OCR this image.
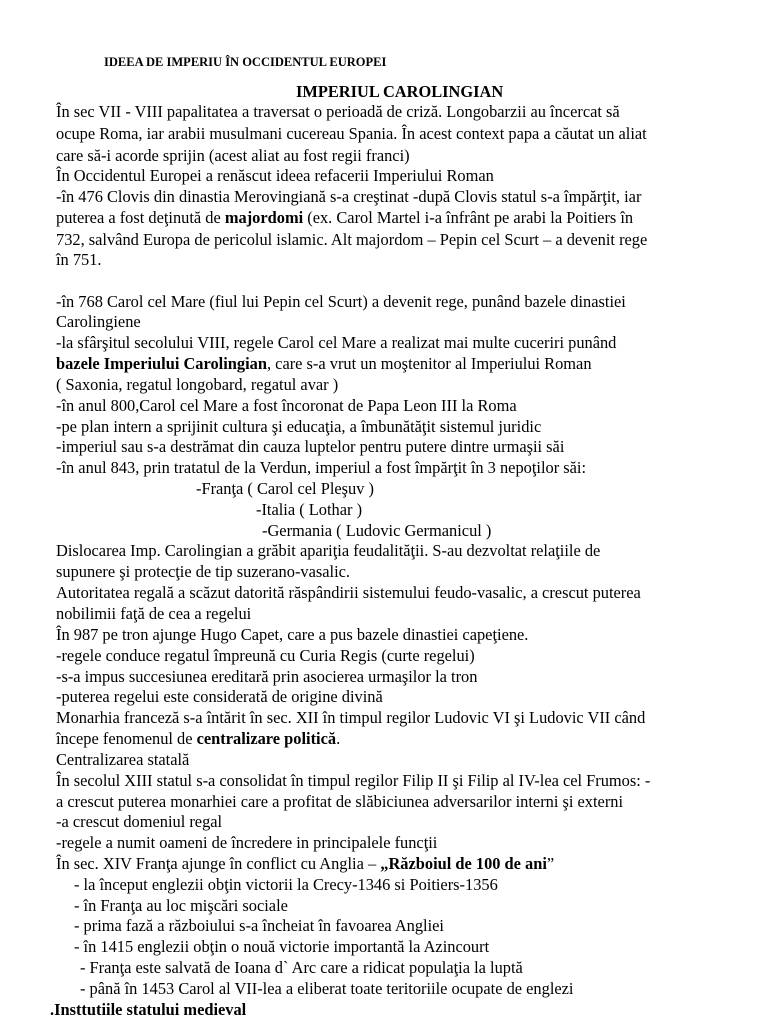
IDEEA DE IMPERIU ÎN OCCIDENTUL EUROPEI
IMPERIUL CAROLINGIAN
În sec VII - VIII papalitatea a traversat o perioadă de criză. Longobarzii au încercat să
ocupe Roma, iar arabii musulmani cucereau Spania. În acest context papa a căutat un aliat
care să-i acorde sprijin (acest aliat au fost regii franci)
În Occidentul Europei a renăscut ideea refacerii Imperiului Roman
-în 476 Clovis din dinastia Merovingiană s-a creştinat -după Clovis statul s-a împărţit, iar
puterea a fost deţinută de majordomi (ex. Carol Martel i-a înfrânt pe arabi la Poitiers în
732, salvând Europa de pericolul islamic. Alt majordom – Pepin cel Scurt – a devenit rege
în 751.
-în 768 Carol cel Mare (fiul lui Pepin cel Scurt) a devenit rege, punând bazele dinastiei
Carolingiene
-la sfârşitul secolului VIII, regele Carol cel Mare a realizat mai multe cuceriri punând
bazele Imperiului Carolingian, care s-a vrut un moştenitor al Imperiului Roman
( Saxonia, regatul longobard, regatul avar )
-în anul 800,Carol cel Mare a fost încoronat de Papa Leon III la Roma
-pe plan intern a sprijinit cultura şi educaţia, a îmbunătăţit sistemul juridic
-imperiul sau s-a destrămat din cauza luptelor pentru putere dintre urmaşii săi
-în anul 843, prin tratatul de la Verdun, imperiul a fost împărţit în 3 nepoţilor săi:
-Franţa ( Carol cel Pleşuv )
-Italia ( Lothar )
-Germania ( Ludovic Germanicul )
Dislocarea Imp. Carolingian a grăbit apariţia feudalităţii. S-au dezvoltat relaţiile de
supunere şi protecţie de tip suzerano-vasalic.
Autoritatea regală a scăzut datorită răspândirii sistemului feudo-vasalic, a crescut puterea
nobilimii faţă de cea a regelui
În 987 pe tron ajunge Hugo Capet, care a pus bazele dinastiei capeţiene.
-regele conduce regatul împreună cu Curia Regis (curte regelui)
-s-a impus succesiunea ereditară prin asocierea urmaşilor la tron
-puterea regelui este considerată de origine divină
Monarhia franceză s-a întărit în sec. XII în timpul regilor Ludovic VI şi Ludovic VII când
începe fenomenul de centralizare politică.
Centralizarea statală
În secolul XIII statul s-a consolidat în timpul regilor Filip II şi Filip al IV-lea cel Frumos: -
a crescut puterea monarhiei care a profitat de slăbiciunea adversarilor interni şi externi
-a crescut domeniul regal
-regele a numit oameni de încredere in principalele funcţii
În sec. XIV Franţa ajunge în conflict cu Anglia – „Războiul de 100 de ani”
- la început englezii obţin victorii la Crecy-1346 si Poitiers-1356
- în Franţa au loc mişcări sociale
- prima fază a războiului s-a încheiat în favoarea Angliei
- în 1415 englezii obţin o nouă victorie importantă la Azincourt
- Franţa este salvată de Ioana d` Arc care a ridicat populaţia la luptă
- până în 1453 Carol al VII-lea a eliberat toate teritoriile ocupate de englezi
.Insttutiile statului medieval
